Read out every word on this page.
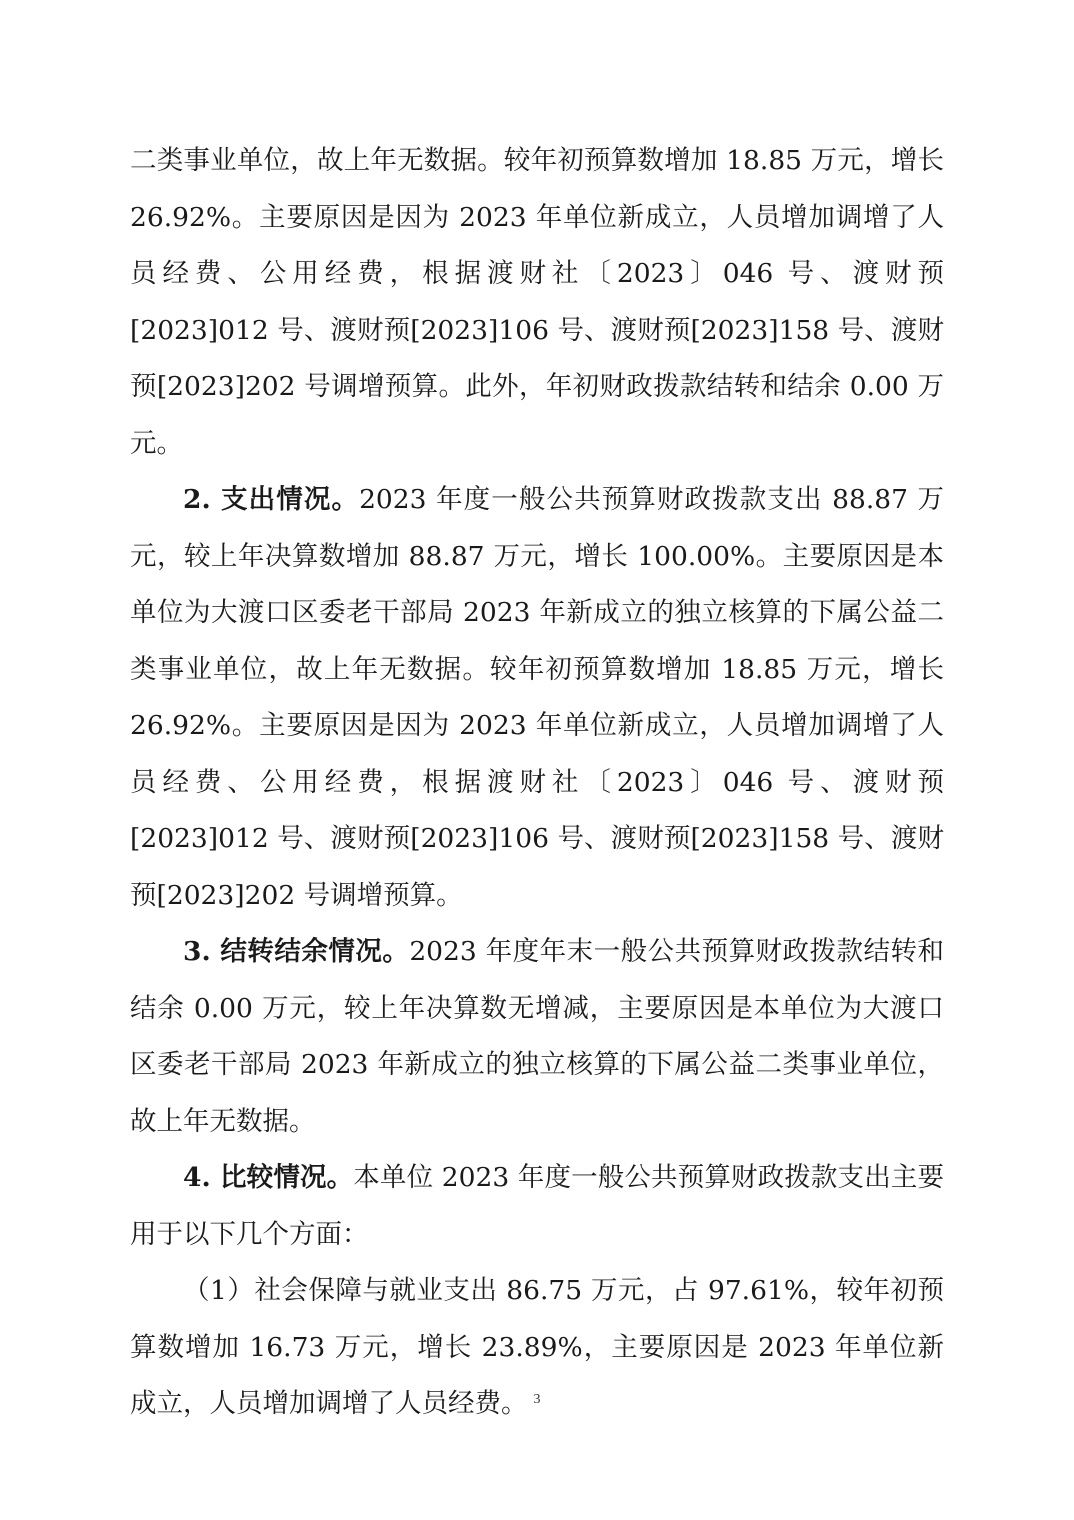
二类事业单位，故上年无数据。较年初预算数增加 18.85 万元，增长 26.92%。主要原因是因为 2023 年单位新成立，人员增加调增了人员经费、公用经费，根据渡财社〔2023〕046 号、渡财预[2023]012 号、渡财预[2023]106 号、渡财预[2023]158 号、渡财预[2023]202 号调增预算。此外，年初财政拨款结转和结余 0.00 万元。

2. 支出情况。2023 年度一般公共预算财政拨款支出 88.87 万元，较上年决算数增加 88.87 万元，增长 100.00%。主要原因是本单位为大渡口区委老干部局 2023 年新成立的独立核算的下属公益二类事业单位，故上年无数据。较年初预算数增加 18.85 万元，增长 26.92%。主要原因是因为 2023 年单位新成立，人员增加调增了人员经费、公用经费，根据渡财社〔2023〕046 号、渡财预[2023]012 号、渡财预[2023]106 号、渡财预[2023]158 号、渡财预[2023]202 号调增预算。

3. 结转结余情况。2023 年度年末一般公共预算财政拨款结转和结余 0.00 万元，较上年决算数无增减，主要原因是本单位为大渡口区委老干部局 2023 年新成立的独立核算的下属公益二类事业单位，故上年无数据。

4. 比较情况。本单位 2023 年度一般公共预算财政拨款支出主要用于以下几个方面：

（1）社会保障与就业支出 86.75 万元，占 97.61%，较年初预算数增加 16.73 万元，增长 23.89%，主要原因是 2023 年单位新成立，人员增加调增了人员经费。 3
